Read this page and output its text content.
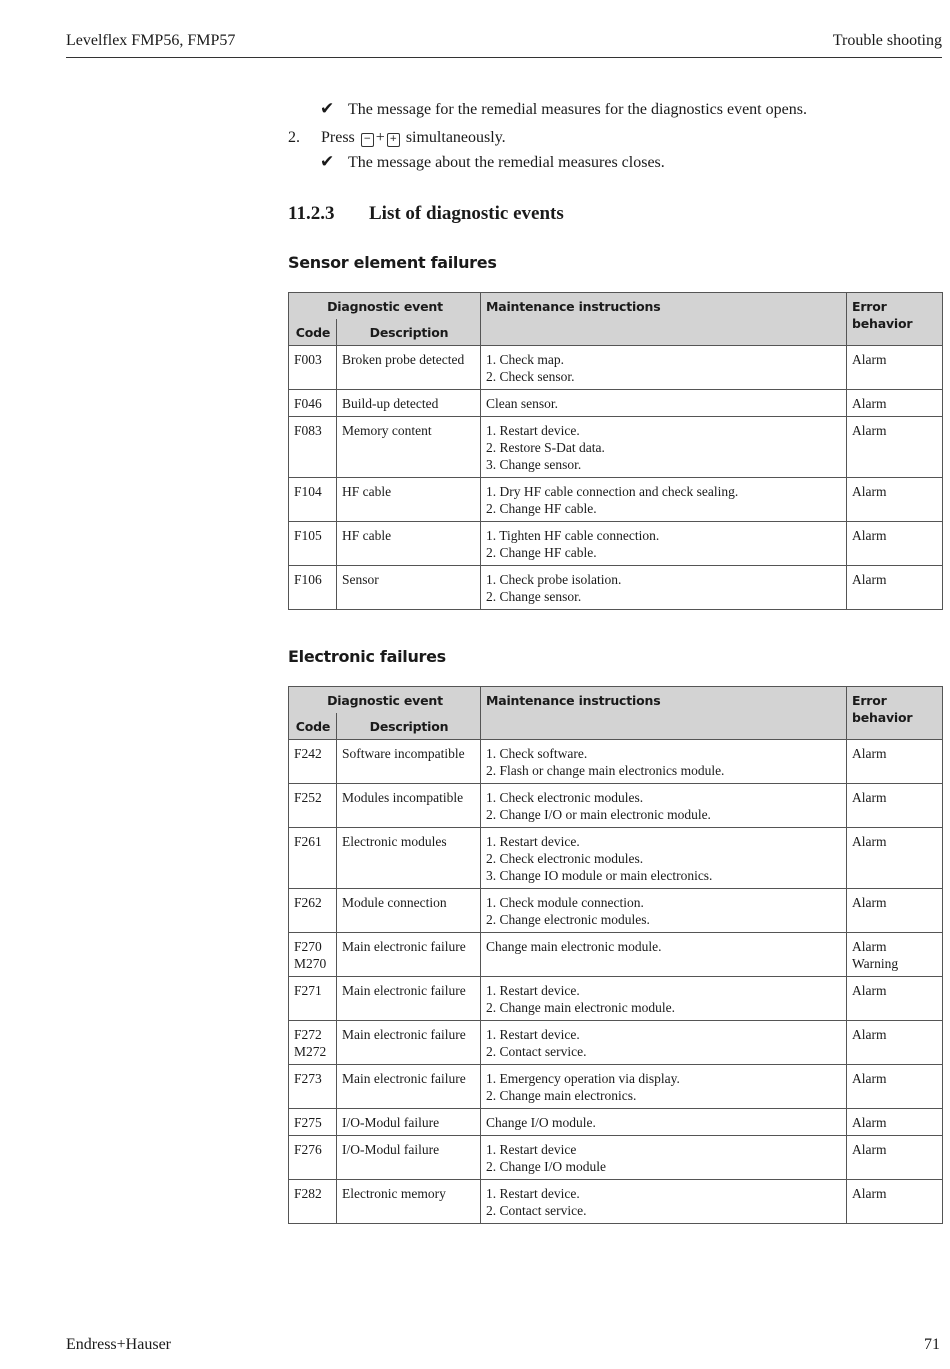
Levelflex FMP56, FMP57	Trouble shooting
✔ The message for the remedial measures for the diagnostics event opens.
2. Press − + + simultaneously.
✔ The message about the remedial measures closes.
11.2.3 List of diagnostic events
Sensor element failures
Diagnostic event		Maintenance instructions	Error behavior
Code	Description		

F003	Broken probe detected	1. Check map.
2. Check sensor.	Alarm

F046	Build-up detected	Clean sensor.	Alarm

F083	Memory content	1. Restart device.
2. Restore S-Dat data.
3. Change sensor.	Alarm

F104	HF cable	1. Dry HF cable connection and check sealing.
2. Change HF cable.	Alarm

F105	HF cable	1. Tighten HF cable connection.
2. Change HF cable.	Alarm

F106	Sensor	1. Check probe isolation.
2. Change sensor.	Alarm
Electronic failures
Diagnostic event		Maintenance instructions	Error behavior
Code	Description		

F242	Software incompatible	1. Check software.
2. Flash or change main electronics module.	Alarm

F252	Modules incompatible	1. Check electronic modules.
2. Change I/O or main electronic module.	Alarm

F261	Electronic modules	1. Restart device.
2. Check electronic modules.
3. Change IO module or main electronics.	Alarm

F262	Module connection	1. Check module connection.
2. Change electronic modules.	Alarm

F270
M270	Main electronic failure	Change main electronic module.	Alarm
Warning

F271	Main electronic failure	1. Restart device.
2. Change main electronic module.	Alarm

F272
M272	Main electronic failure	1. Restart device.
2. Contact service.	Alarm

F273	Main electronic failure	1. Emergency operation via display.
2. Change main electronics.	Alarm

F275	I/O-Modul failure	Change I/O module.	Alarm

F276	I/O-Modul failure	1. Restart device
2. Change I/O module	Alarm

F282	Electronic memory	1. Restart device.
2. Contact service.	Alarm
Endress+Hauser	71
